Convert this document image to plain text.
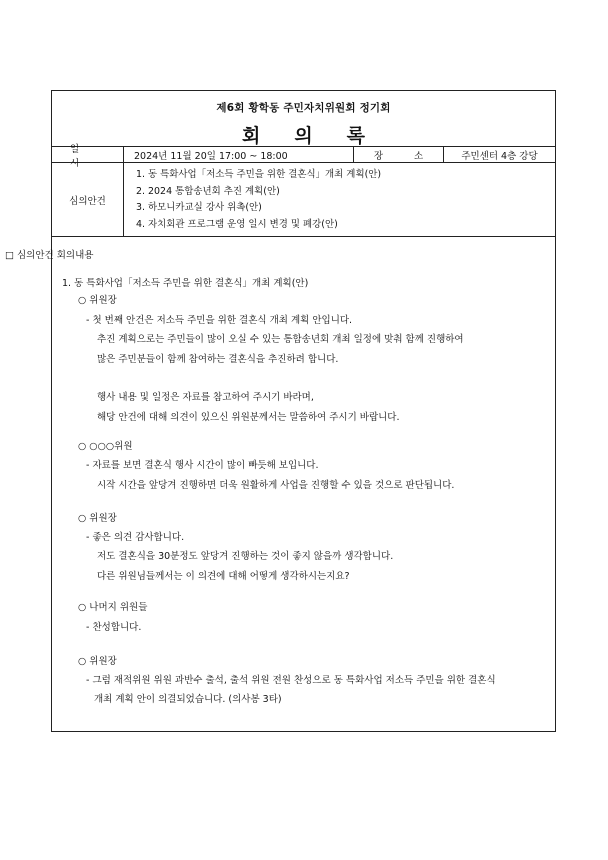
제6회 황학동 주민자치위원회 정기회
회의록
일 시
2024년 11월 20일 17:00 ~ 18:00	장 소	주민센터 4층 강당
심의안건
1. 동 특화사업「저소득 주민을 위한 결혼식」개최 계획(안)
2. 2024 통합송년회 추진 계획(안)
3. 하모니카교실 강사 위촉(안)
4. 자치회관 프로그램 운영 일시 변경 및 폐강(안)
□ 심의안건 회의내용
1. 동 특화사업「저소득 주민을 위한 결혼식」개최 계획(안)
○ 위원장
- 첫 번째 안건은 저소득 주민을 위한 결혼식 개최 계획 안입니다.
추진 계획으로는 주민들이 많이 오실 수 있는 통합송년회 개최 일정에 맞춰 함께 진행하여
많은 주민분들이 함께 참여하는 결혼식을 추진하려 합니다.
행사 내용 및 일정은 자료를 참고하여 주시기 바라며,
해당 안건에 대해 의견이 있으신 위원분께서는 말씀하여 주시기 바랍니다.
○ ○○○위원
- 자료를 보면 결혼식 행사 시간이 많이 빠듯해 보입니다.
시작 시간을 앞당겨 진행하면 더욱 원활하게 사업을 진행할 수 있을 것으로 판단됩니다.
○ 위원장
- 좋은 의견 감사합니다.
저도 결혼식을 30분정도 앞당겨 진행하는 것이 좋지 않을까 생각합니다.
다른 위원님들께서는 이 의견에 대해 어떻게 생각하시는지요?
○ 나머지 위원들
- 찬성합니다.
○ 위원장
- 그럼 재적위원 위원 과반수 출석, 출석 위원 전원 찬성으로 동 특화사업 저소득 주민을 위한 결혼식
개최 계획 안이 의결되었습니다. (의사봉 3타)
